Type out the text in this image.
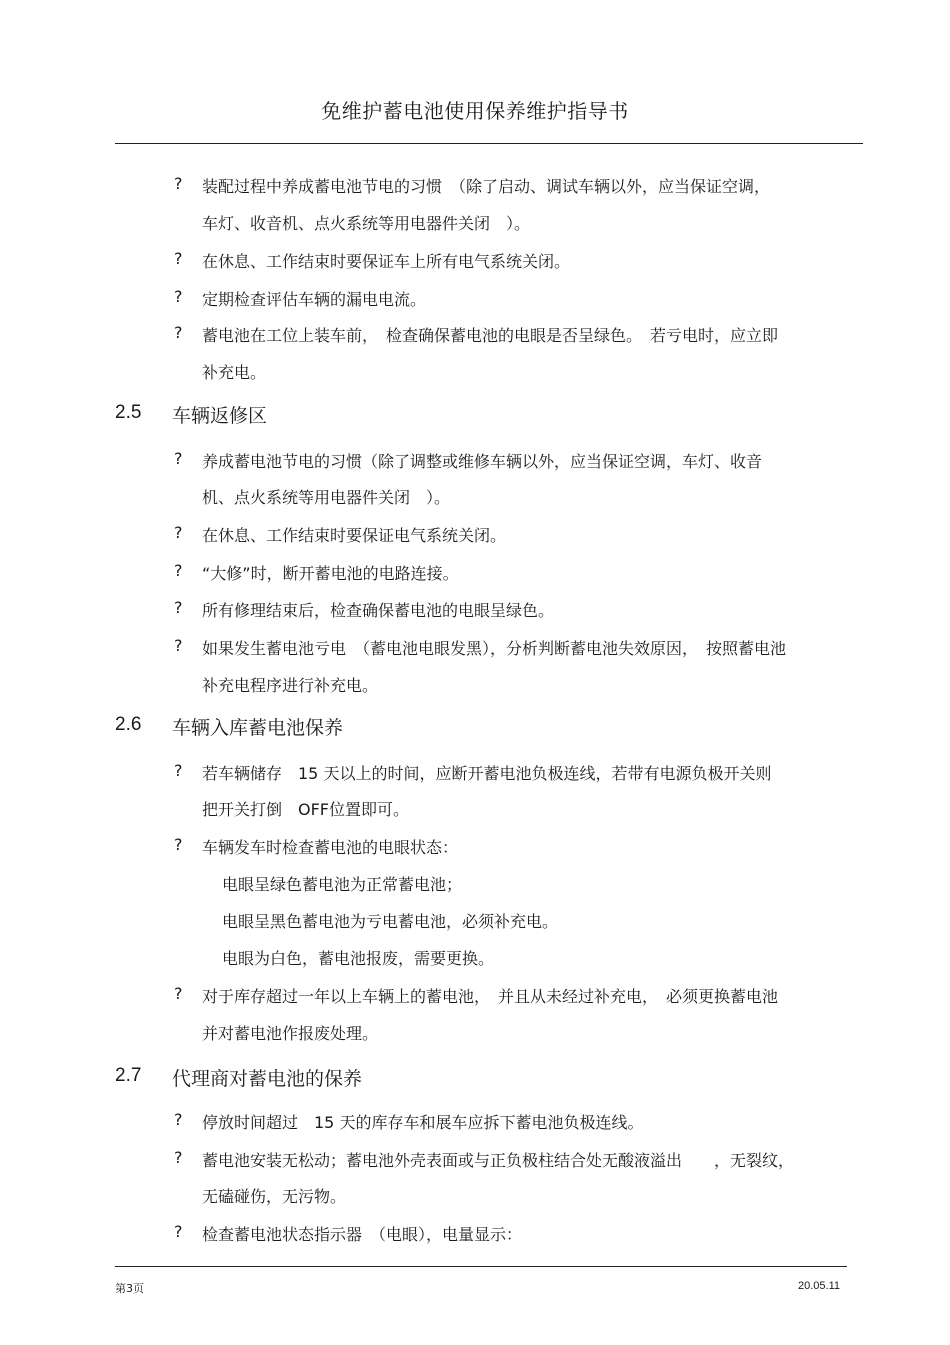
免维护蓄电池使用保养维护指导书
? 装配过程中养成蓄电池节电的习惯　（除了启动、调试车辆以外，应当保证空调，
车灯、收音机、点火系统等用电器件关闭　）。
? 在休息、工作结束时要保证车上所有电气系统关闭。
? 定期检查评估车辆的漏电电流。
? 蓄电池在工位上装车前，　检查确保蓄电池的电眼是否呈绿色。　若亏电时，应立即
补充电。
2.5 车辆返修区
? 养成蓄电池节电的习惯（除了调整或维修车辆以外，应当保证空调，车灯、收音
机、点火系统等用电器件关闭　）。
? 在休息、工作结束时要保证电气系统关闭。
? “大修”时，断开蓄电池的电路连接。
? 所有修理结束后，检查确保蓄电池的电眼呈绿色。
? 如果发生蓄电池亏电　（蓄电池电眼发黑），分析判断蓄电池失效原因，　按照蓄电池
补充电程序进行补充电。
2.6 车辆入库蓄电池保养
? 若车辆储存　15 天以上的时间，应断开蓄电池负极连线，若带有电源负极开关则
把开关打倒　OFF位置即可。
? 车辆发车时检查蓄电池的电眼状态：
电眼呈绿色蓄电池为正常蓄电池；
电眼呈黑色蓄电池为亏电蓄电池，必须补充电。
电眼为白色，蓄电池报废，需要更换。
? 对于库存超过一年以上车辆上的蓄电池，　并且从未经过补充电，　必须更换蓄电池
并对蓄电池作报废处理。
2.7 代理商对蓄电池的保养
? 停放时间超过　15 天的库存车和展车应拆下蓄电池负极连线。
? 蓄电池安装无松动；蓄电池外壳表面或与正负极柱结合处无酸液溢出　　，无裂纹，
无磕碰伤，无污物。
? 检查蓄电池状态指示器　（电眼），电量显示：
第3页	20.05.11
